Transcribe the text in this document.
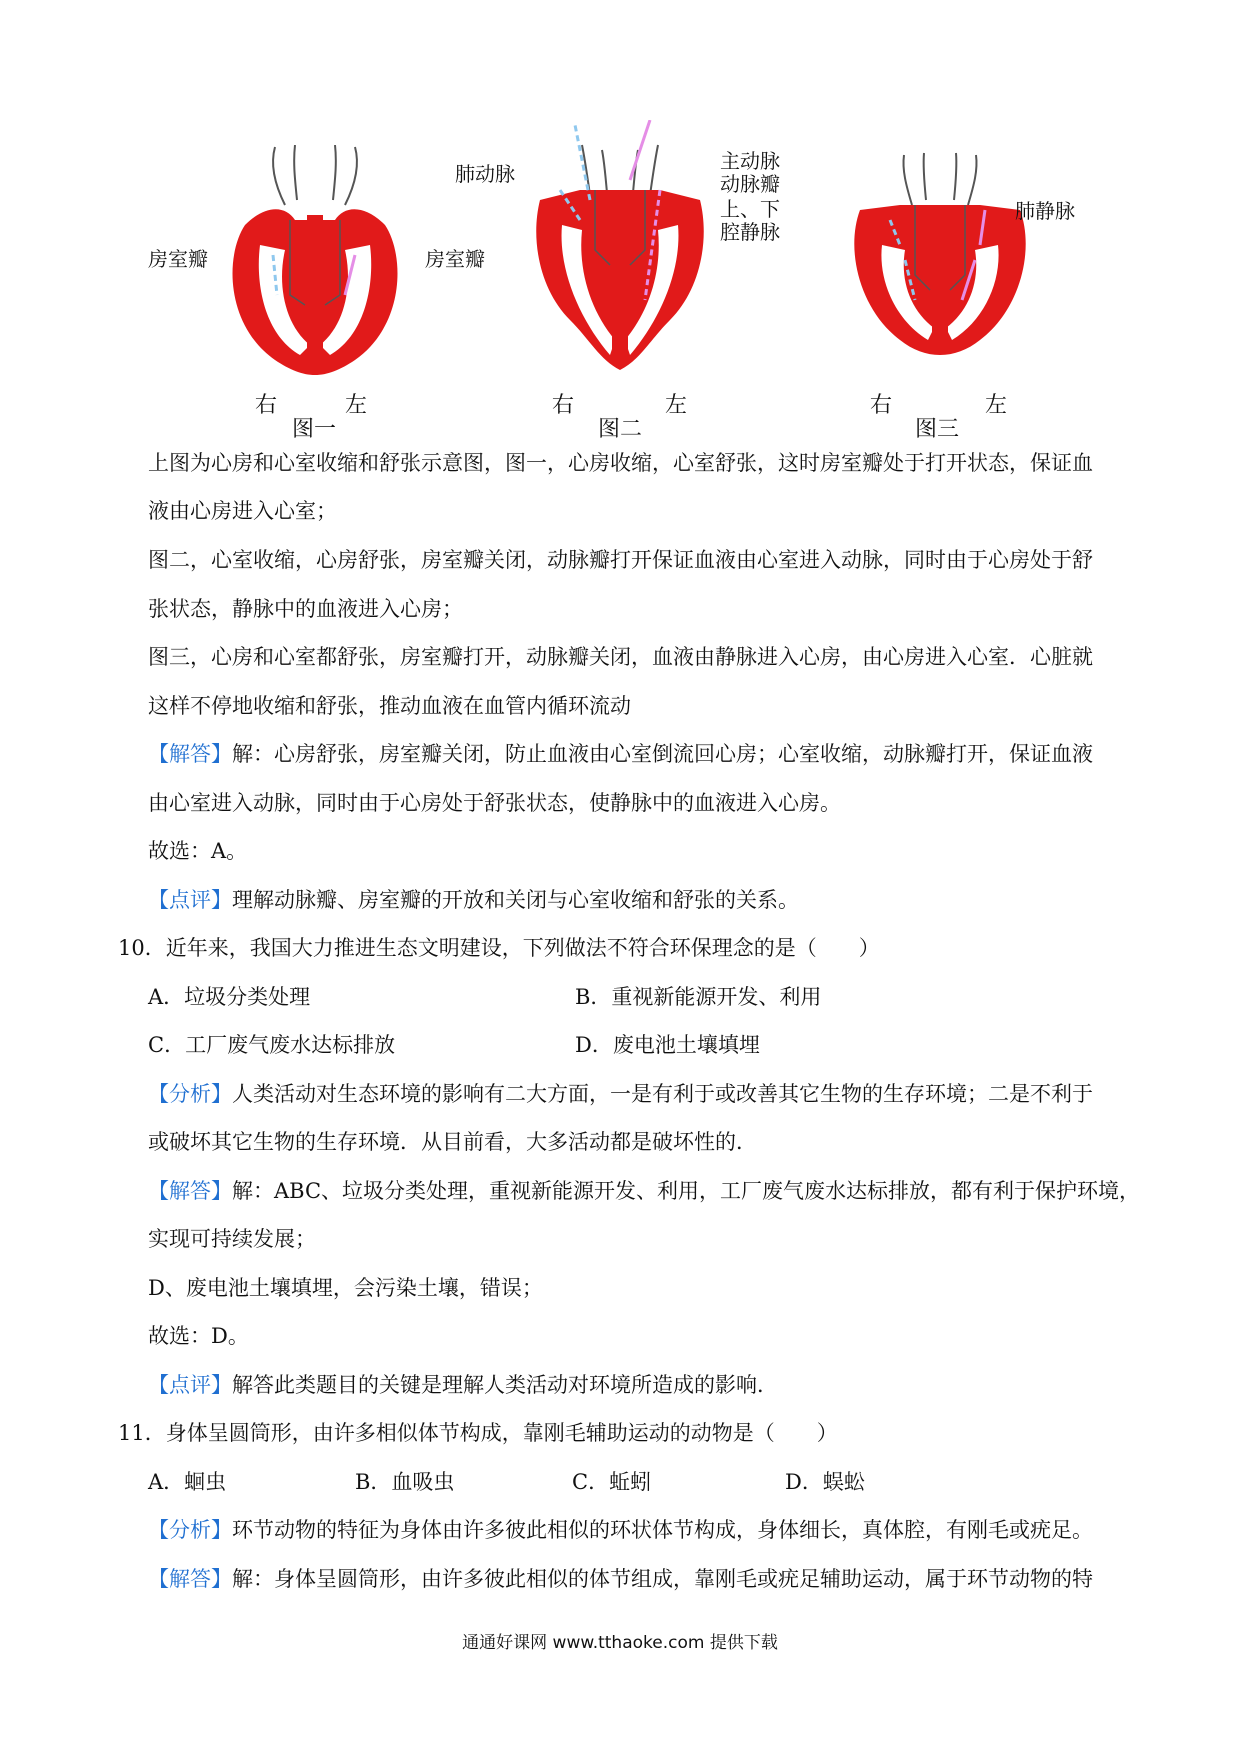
房室瓣	房室瓣
右	左
图一
肺动脉
主动脉
动脉瓣
上、下
腔静脉
右	左
图二
肺静脉
右	左
图三
上图为心房和心室收缩和舒张示意图，图一，心房收缩，心室舒张，这时房室瓣处于打开状态，保证血
液由心房进入心室；
图二，心室收缩，心房舒张，房室瓣关闭，动脉瓣打开保证血液由心室进入动脉，同时由于心房处于舒
张状态，静脉中的血液进入心房；
图三，心房和心室都舒张，房室瓣打开，动脉瓣关闭，血液由静脉进入心房，由心房进入心室．心脏就
这样不停地收缩和舒张，推动血液在血管内循环流动
【解答】解：心房舒张，房室瓣关闭，防止血液由心室倒流回心房；心室收缩，动脉瓣打开，保证血液
由心室进入动脉，同时由于心房处于舒张状态，使静脉中的血液进入心房。
故选：A。
【点评】理解动脉瓣、房室瓣的开放和关闭与心室收缩和舒张的关系。
10．近年来，我国大力推进生态文明建设，下列做法不符合环保理念的是（　　）
A．垃圾分类处理	B．重视新能源开发、利用
C．工厂废气废水达标排放	D．废电池土壤填埋
【分析】人类活动对生态环境的影响有二大方面，一是有利于或改善其它生物的生存环境；二是不利于
或破坏其它生物的生存环境．从目前看，大多活动都是破坏性的．
【解答】解：ABC、垃圾分类处理，重视新能源开发、利用，工厂废气废水达标排放，都有利于保护环境，
实现可持续发展；
D、废电池土壤填埋，会污染土壤，错误；
故选：D。
【点评】解答此类题目的关键是理解人类活动对环境所造成的影响．
11．身体呈圆筒形，由许多相似体节构成，靠刚毛辅助运动的动物是（　　）
A．蛔虫	B．血吸虫	C．蚯蚓	D．蜈蚣
【分析】环节动物的特征为身体由许多彼此相似的环状体节构成，身体细长，真体腔，有刚毛或疣足。
【解答】解：身体呈圆筒形，由许多彼此相似的体节组成，靠刚毛或疣足辅助运动，属于环节动物的特
通通好课网 www.tthaoke.com 提供下载
